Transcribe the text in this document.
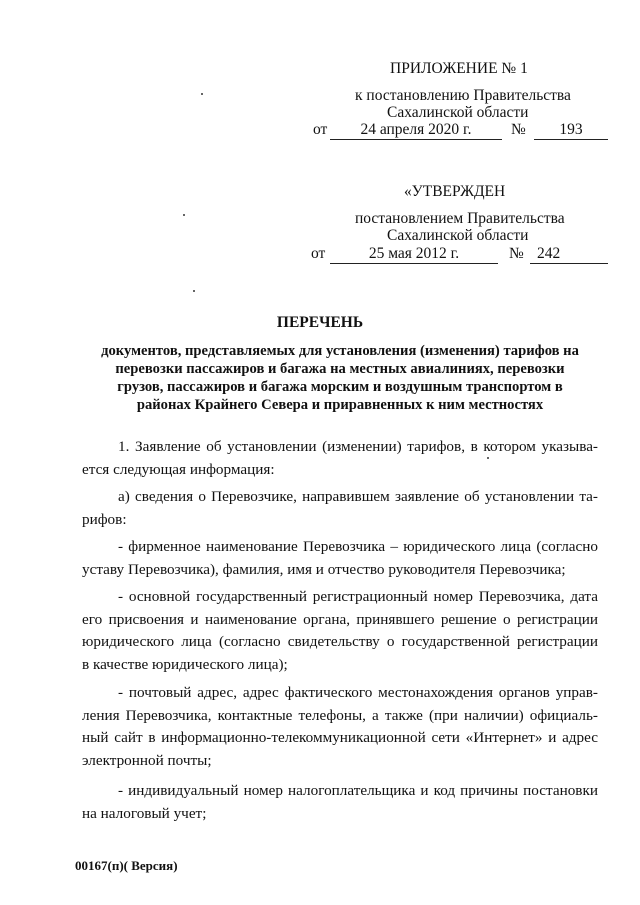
ПРИЛОЖЕНИЕ № 1
к постановлению Правительства
Сахалинской области
от	24 апреля 2020 г.	№	193
«УТВЕРЖДЕН
постановлением Правительства
Сахалинской области
от	25 мая 2012 г.	№ 242
ПЕРЕЧЕНЬ
документов, представляемых для установления (изменения) тарифов на
перевозки пассажиров и багажа на местных авиалиниях, перевозки
грузов, пассажиров и багажа морским и воздушным транспортом в
районах Крайнего Севера и приравненных к ним местностях
1. Заявление об установлении (изменении) тарифов, в котором указыва-
ется следующая информация:
а) сведения о Перевозчике, направившем заявление об установлении та-
рифов:
- фирменное наименование Перевозчика – юридического лица (согласно
уставу Перевозчика), фамилия, имя и отчество руководителя Перевозчика;
- основной государственный регистрационный номер Перевозчика, дата
его присвоения и наименование органа, принявшего решение о регистрации
юридического лица (согласно свидетельству о государственной регистрации
в качестве юридического лица);
- почтовый адрес, адрес фактического местонахождения органов управ-
ления Перевозчика, контактные телефоны, а также (при наличии) официаль-
ный сайт в информационно-телекоммуникационной сети «Интернет» и адрес
электронной почты;
- индивидуальный номер налогоплательщика и код причины постановки
на налоговый учет;
00167(п)( Версия)
